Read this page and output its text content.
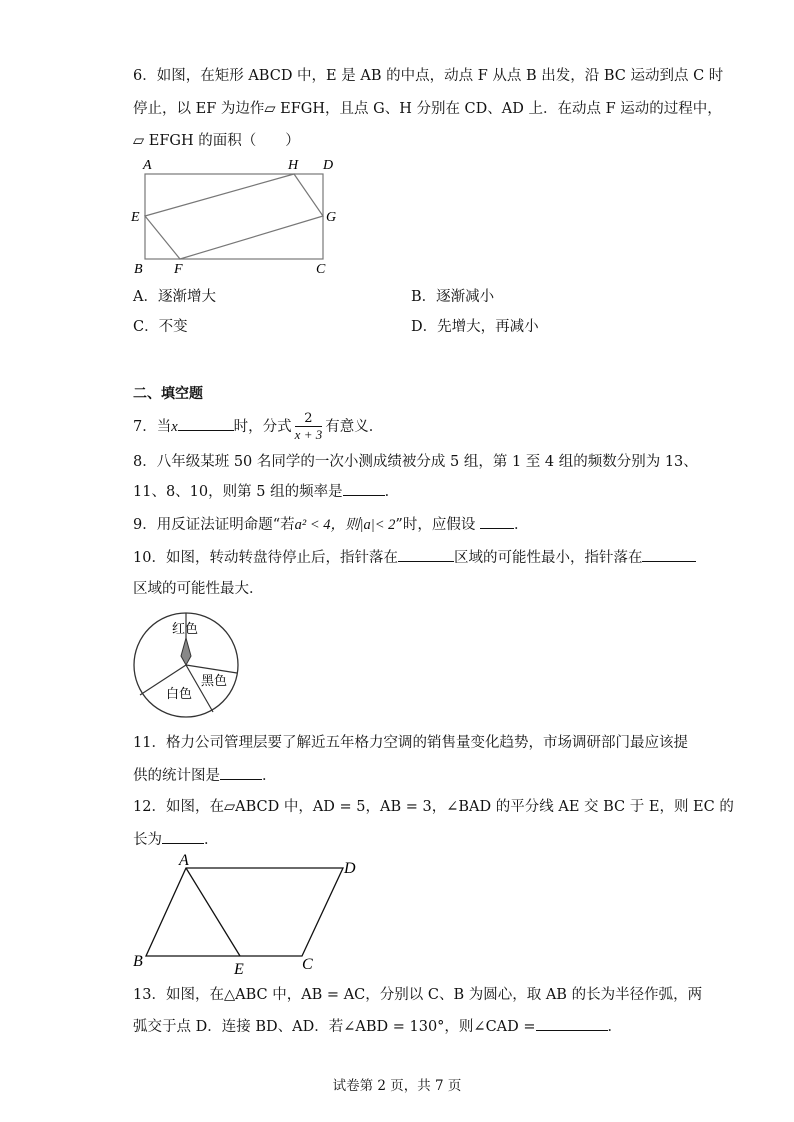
6．如图，在矩形 ABCD 中，E 是 AB 的中点，动点 F 从点 B 出发，沿 BC 运动到点 C 时
停止，以 EF 为边作▱ EFGH，且点 G、H 分别在 CD、AD 上．在动点 F 运动的过程中，
▱ EFGH 的面积（　　）
A	H D
E	G
B F	C
A．逐渐增大	B．逐渐减小
C．不变	D．先增大，再减小
二、填空题
7．当x	时，分式 $\frac{2}{x + 3}$ 有意义．
8．八年级某班 50 名同学的一次小测成绩被分成 5 组，第 1 至 4 组的频数分别为 13、
11、8、10，则第 5 组的频率是	．
9．用反证法证明命题“若a² < 4，则|a|< 2”时，应假设	．
10．如图，转动转盘待停止后，指针落在	区域的可能性最小，指针落在
区域的可能性最大．
红色
黑色
白色
11．格力公司管理层要了解近五年格力空调的销售量变化趋势，市场调研部门最应该提
供的统计图是	．
12．如图，在▱ABCD 中，AD = 5，AB = 3，∠BAD 的平分线 AE 交 BC 于 E，则 EC 的
长为	．
A	D
B	E	C
13．如图，在△ABC 中，AB = AC，分别以 C、B 为圆心，取 AB 的长为半径作弧，两
弧交于点 D．连接 BD、AD．若∠ABD = 130°，则∠CAD =	．
试卷第 2 页，共 7 页
